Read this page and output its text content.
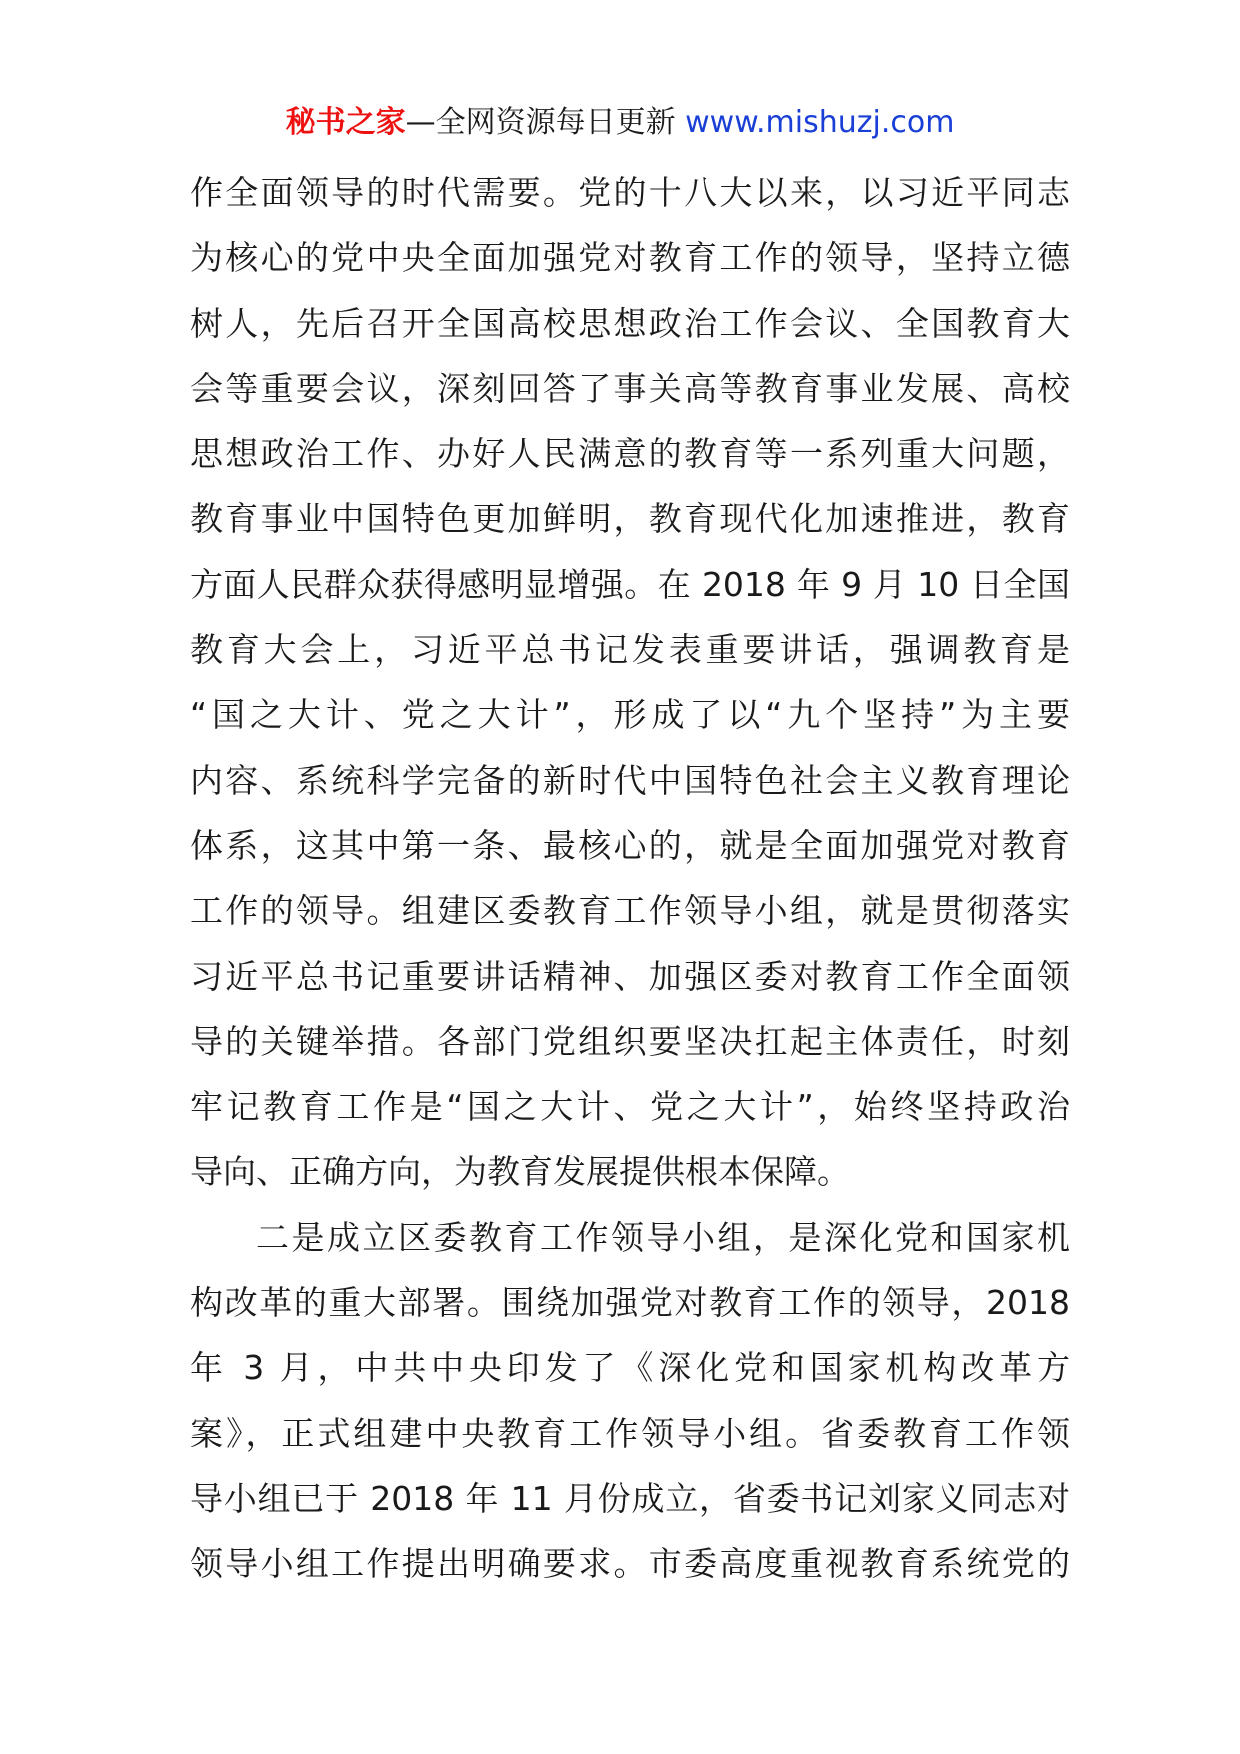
秘书之家—全网资源每日更新 www.mishuzj.com

作全面领导的时代需要。党的十八大以来，以习近平同志
为核心的党中央全面加强党对教育工作的领导，坚持立德
树人，先后召开全国高校思想政治工作会议、全国教育大
会等重要会议，深刻回答了事关高等教育事业发展、高校
思想政治工作、办好人民满意的教育等一系列重大问题，
教育事业中国特色更加鲜明，教育现代化加速推进，教育
方面人民群众获得感明显增强。在 2018 年 9 月 10 日全国
教育大会上，习近平总书记发表重要讲话，强调教育是
“国之大计、党之大计”，形成了以“九个坚持”为主要
内容、系统科学完备的新时代中国特色社会主义教育理论
体系，这其中第一条、最核心的，就是全面加强党对教育
工作的领导。组建区委教育工作领导小组，就是贯彻落实
习近平总书记重要讲话精神、加强区委对教育工作全面领
导的关键举措。各部门党组织要坚决扛起主体责任，时刻
牢记教育工作是“国之大计、党之大计”，始终坚持政治
导向、正确方向，为教育发展提供根本保障。

二是成立区委教育工作领导小组，是深化党和国家机
构改革的重大部署。围绕加强党对教育工作的领导，2018
年 3 月，中共中央印发了《深化党和国家机构改革方
案》，正式组建中央教育工作领导小组。省委教育工作领
导小组已于 2018 年 11 月份成立，省委书记刘家义同志对
领导小组工作提出明确要求。市委高度重视教育系统党的
